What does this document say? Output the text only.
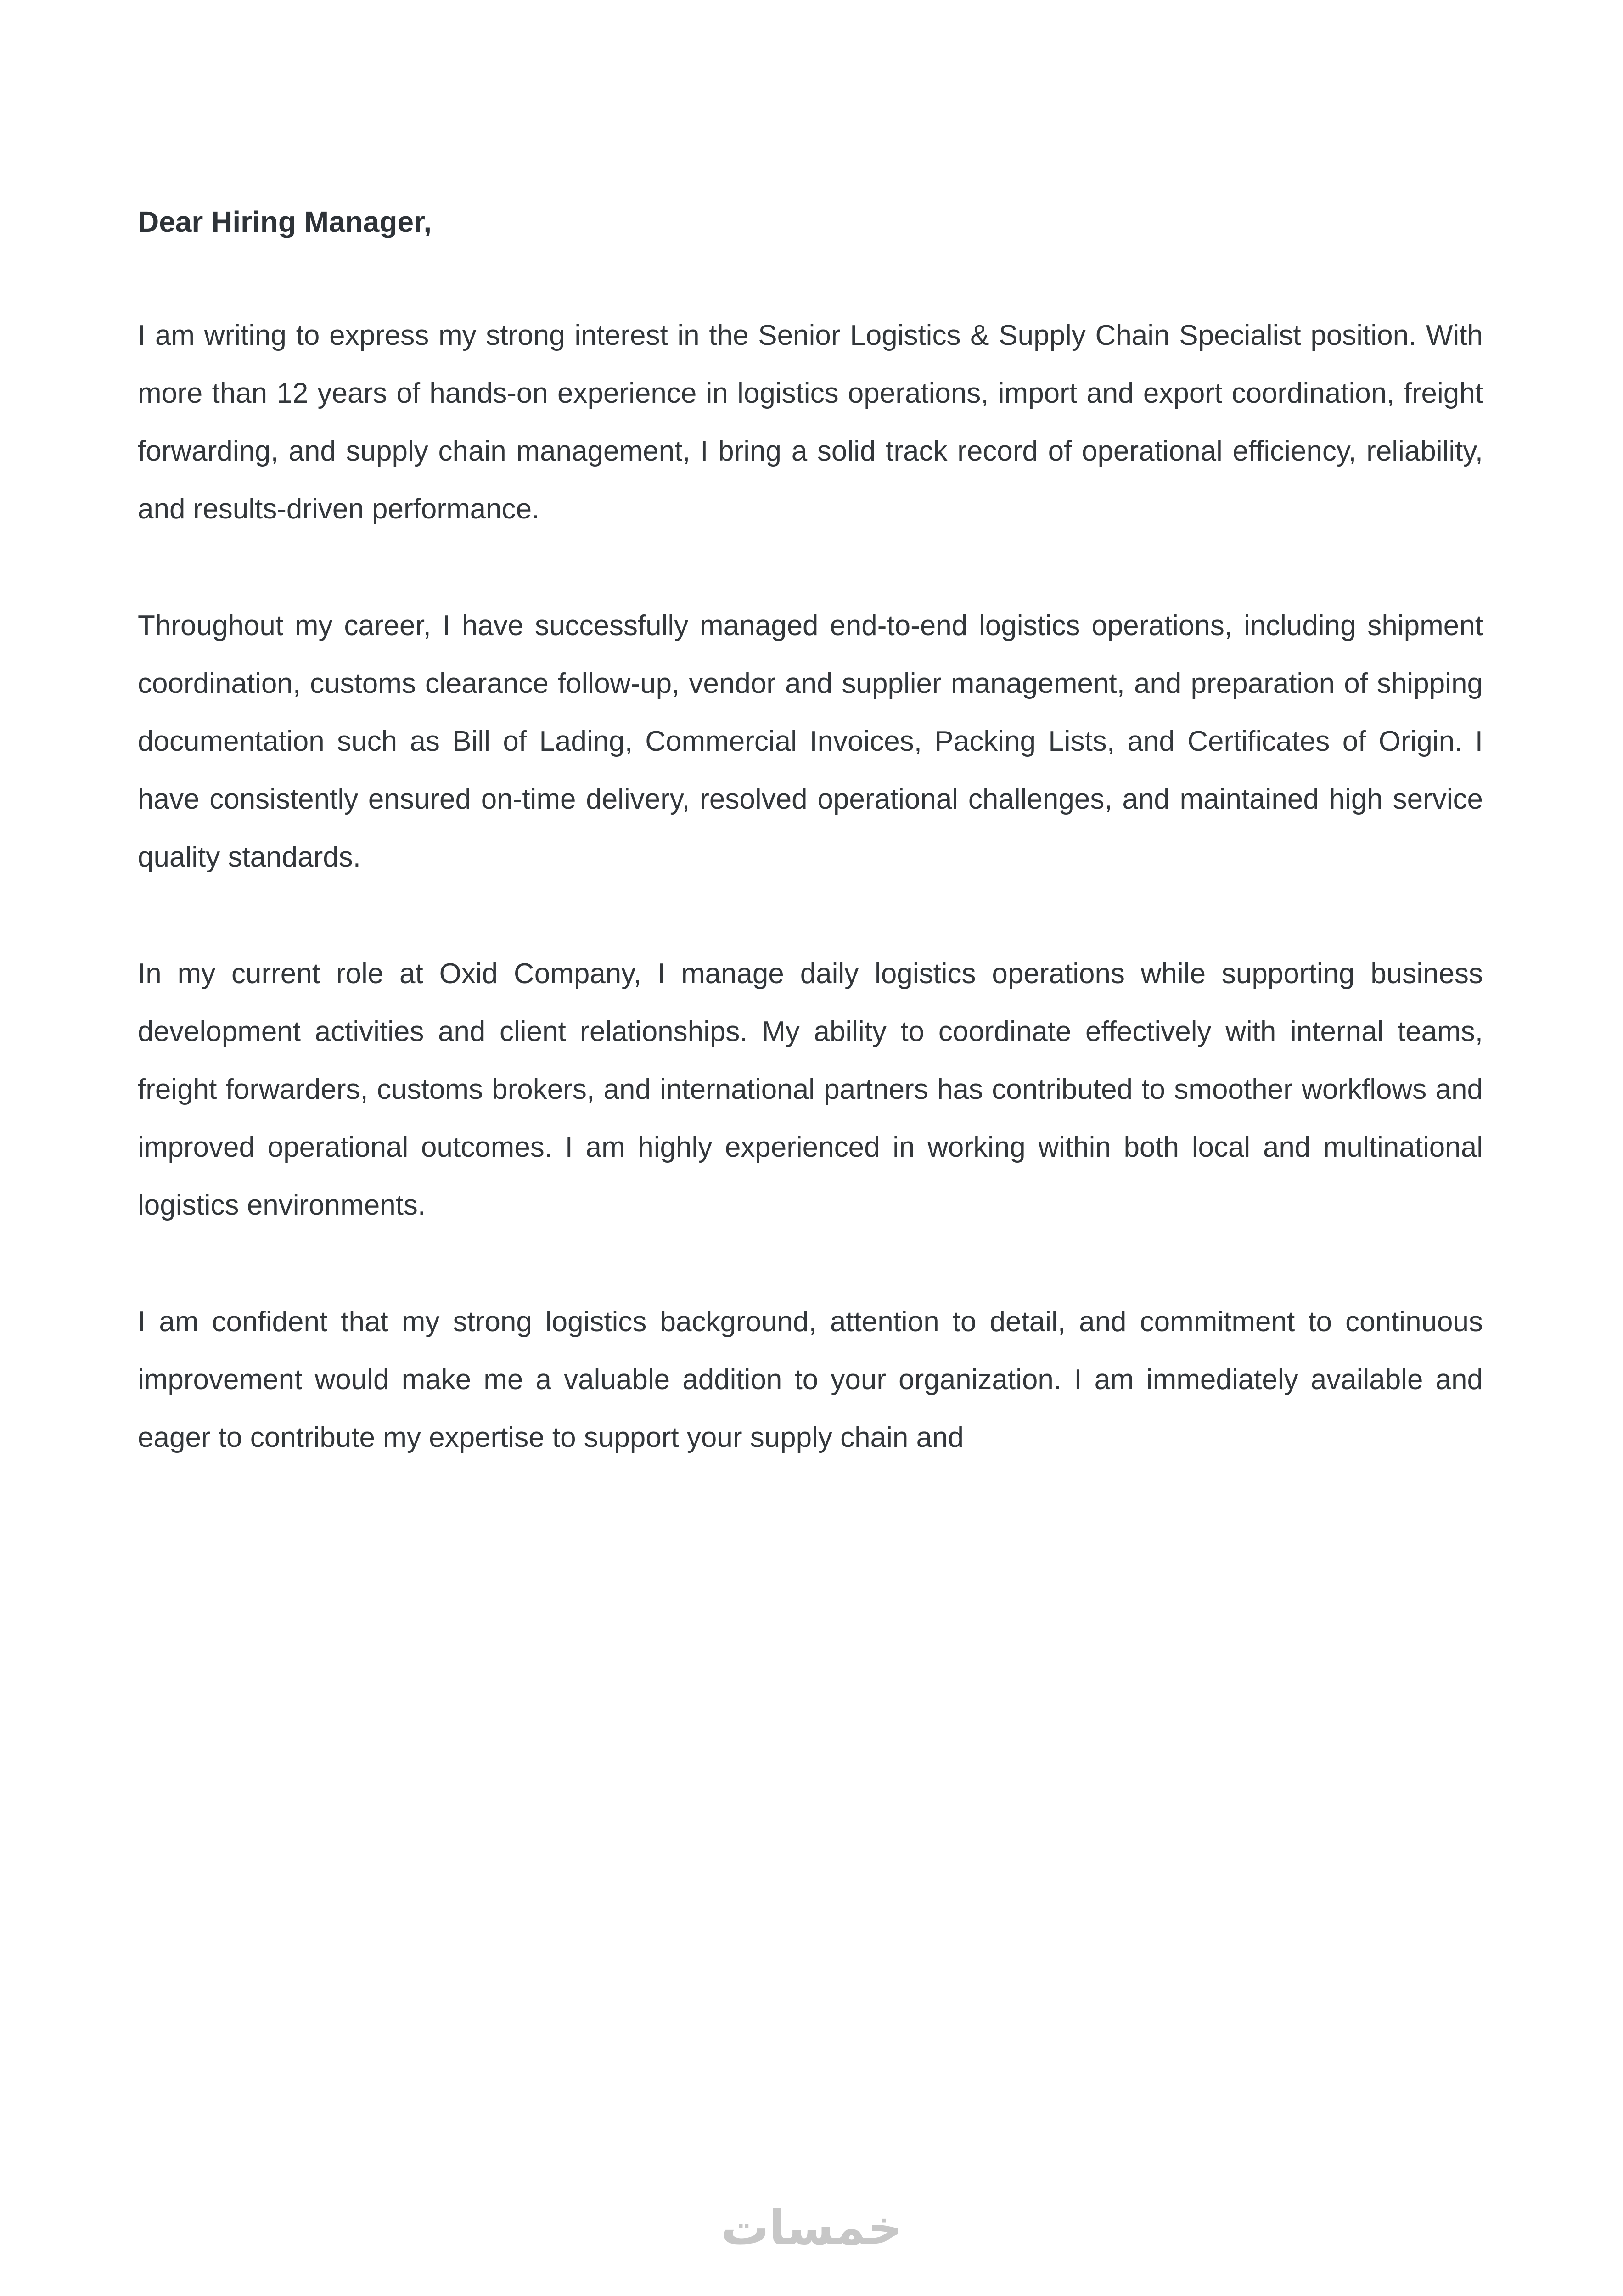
Dear Hiring Manager,

I am writing to express my strong interest in the Senior Logistics & Supply Chain Specialist position. With more than 12 years of hands-on experience in logistics operations, import and export coordination, freight forwarding, and supply chain management, I bring a solid track record of operational efficiency, reliability, and results-driven performance.

Throughout my career, I have successfully managed end-to-end logistics operations, including shipment coordination, customs clearance follow-up, vendor and supplier management, and preparation of shipping documentation such as Bill of Lading, Commercial Invoices, Packing Lists, and Certificates of Origin. I have consistently ensured on-time delivery, resolved operational challenges, and maintained high service quality standards.

In my current role at Oxid Company, I manage daily logistics operations while supporting business development activities and client relationships. My ability to coordinate effectively with internal teams, freight forwarders, customs brokers, and international partners has contributed to smoother workflows and improved operational outcomes. I am highly experienced in working within both local and multinational logistics environments.

I am confident that my strong logistics background, attention to detail, and commitment to continuous improvement would make me a valuable addition to your organization. I am immediately available and eager to contribute my expertise to support your supply chain and

خمسات
